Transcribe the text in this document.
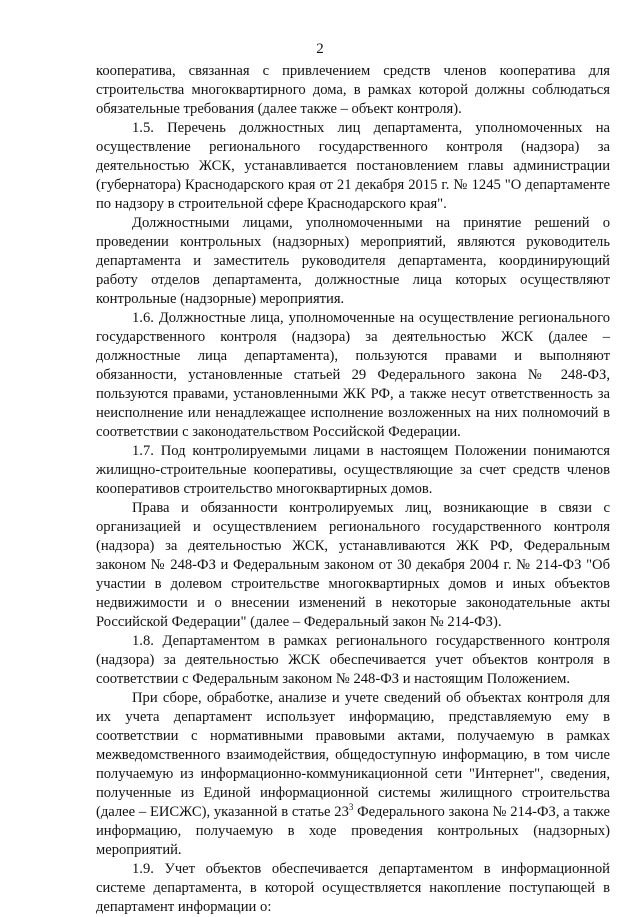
2

кооператива, связанная с привлечением средств членов кооператива для строительства многоквартирного дома, в рамках которой должны соблюдаться обязательные требования (далее также – объект контроля).

1.5. Перечень должностных лиц департамента, уполномоченных на осуществление регионального государственного контроля (надзора) за деятельностью ЖСК, устанавливается постановлением главы администрации (губернатора) Краснодарского края от 21 декабря 2015 г. № 1245 "О департаменте по надзору в строительной сфере Краснодарского края".

Должностными лицами, уполномоченными на принятие решений о проведении контрольных (надзорных) мероприятий, являются руководитель департамента и заместитель руководителя департамента, координирующий работу отделов департамента, должностные лица которых осуществляют контрольные (надзорные) мероприятия.

1.6. Должностные лица, уполномоченные на осуществление регионального государственного контроля (надзора) за деятельностью ЖСК (далее – должностные лица департамента), пользуются правами и выполняют обязанности, установленные статьей 29 Федерального закона № 248-ФЗ, пользуются правами, установленными ЖК РФ, а также несут ответственность за неисполнение или ненадлежащее исполнение возложенных на них полномочий в соответствии с законодательством Российской Федерации.

1.7. Под контролируемыми лицами в настоящем Положении понимаются жилищно-строительные кооперативы, осуществляющие за счет средств членов кооперативов строительство многоквартирных домов.

Права и обязанности контролируемых лиц, возникающие в связи с организацией и осуществлением регионального государственного контроля (надзора) за деятельностью ЖСК, устанавливаются ЖК РФ, Федеральным законом № 248-ФЗ и Федеральным законом от 30 декабря 2004 г. № 214-ФЗ "Об участии в долевом строительстве многоквартирных домов и иных объектов недвижимости и о внесении изменений в некоторые законодательные акты Российской Федерации" (далее – Федеральный закон № 214-ФЗ).

1.8. Департаментом в рамках регионального государственного контроля (надзора) за деятельностью ЖСК обеспечивается учет объектов контроля в соответствии с Федеральным законом № 248-ФЗ и настоящим Положением.

При сборе, обработке, анализе и учете сведений об объектах контроля для их учета департамент использует информацию, представляемую ему в соответствии с нормативными правовыми актами, получаемую в рамках межведомственного взаимодействия, общедоступную информацию, в том числе получаемую из информационно-коммуникационной сети "Интернет", сведения, полученные из Единой информационной системы жилищного строительства (далее – ЕИСЖС), указанной в статье $23^3$ Федерального закона № 214-ФЗ, а также информацию, получаемую в ходе проведения контрольных (надзорных) мероприятий.

1.9. Учет объектов обеспечивается департаментом в информационной системе департамента, в которой осуществляется накопление поступающей в департамент информации о:
